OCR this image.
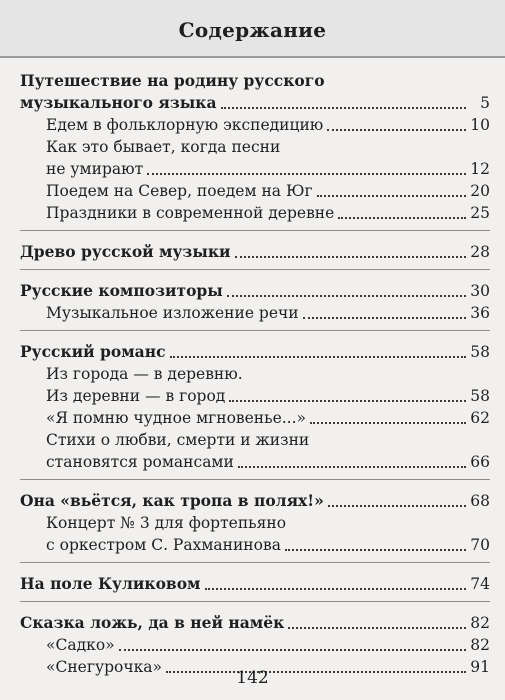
Содержание
Путешествие на родину русского
музыкального языка	5
Едем в фольклорную экспедицию	10
Как это бывает, когда песни
не умирают	12
Поедем на Север, поедем на Юг	20
Праздники в современной деревне	25
Древо русской музыки	28
Русские композиторы	30
Музыкальное изложение речи	36
Русский романс	58
Из города — в деревню.
Из деревни — в город	58
«Я помню чудное мгновенье...»	62
Стихи о любви, смерти и жизни
становятся романсами	66
Она «вьётся, как тропа в полях!»	68
Концерт № 3 для фортепьяно
с оркестром С. Рахманинова	70
На поле Куликовом	74
Сказка ложь, да в ней намёк	82
«Садко»	82
«Снегурочка»	91
142
